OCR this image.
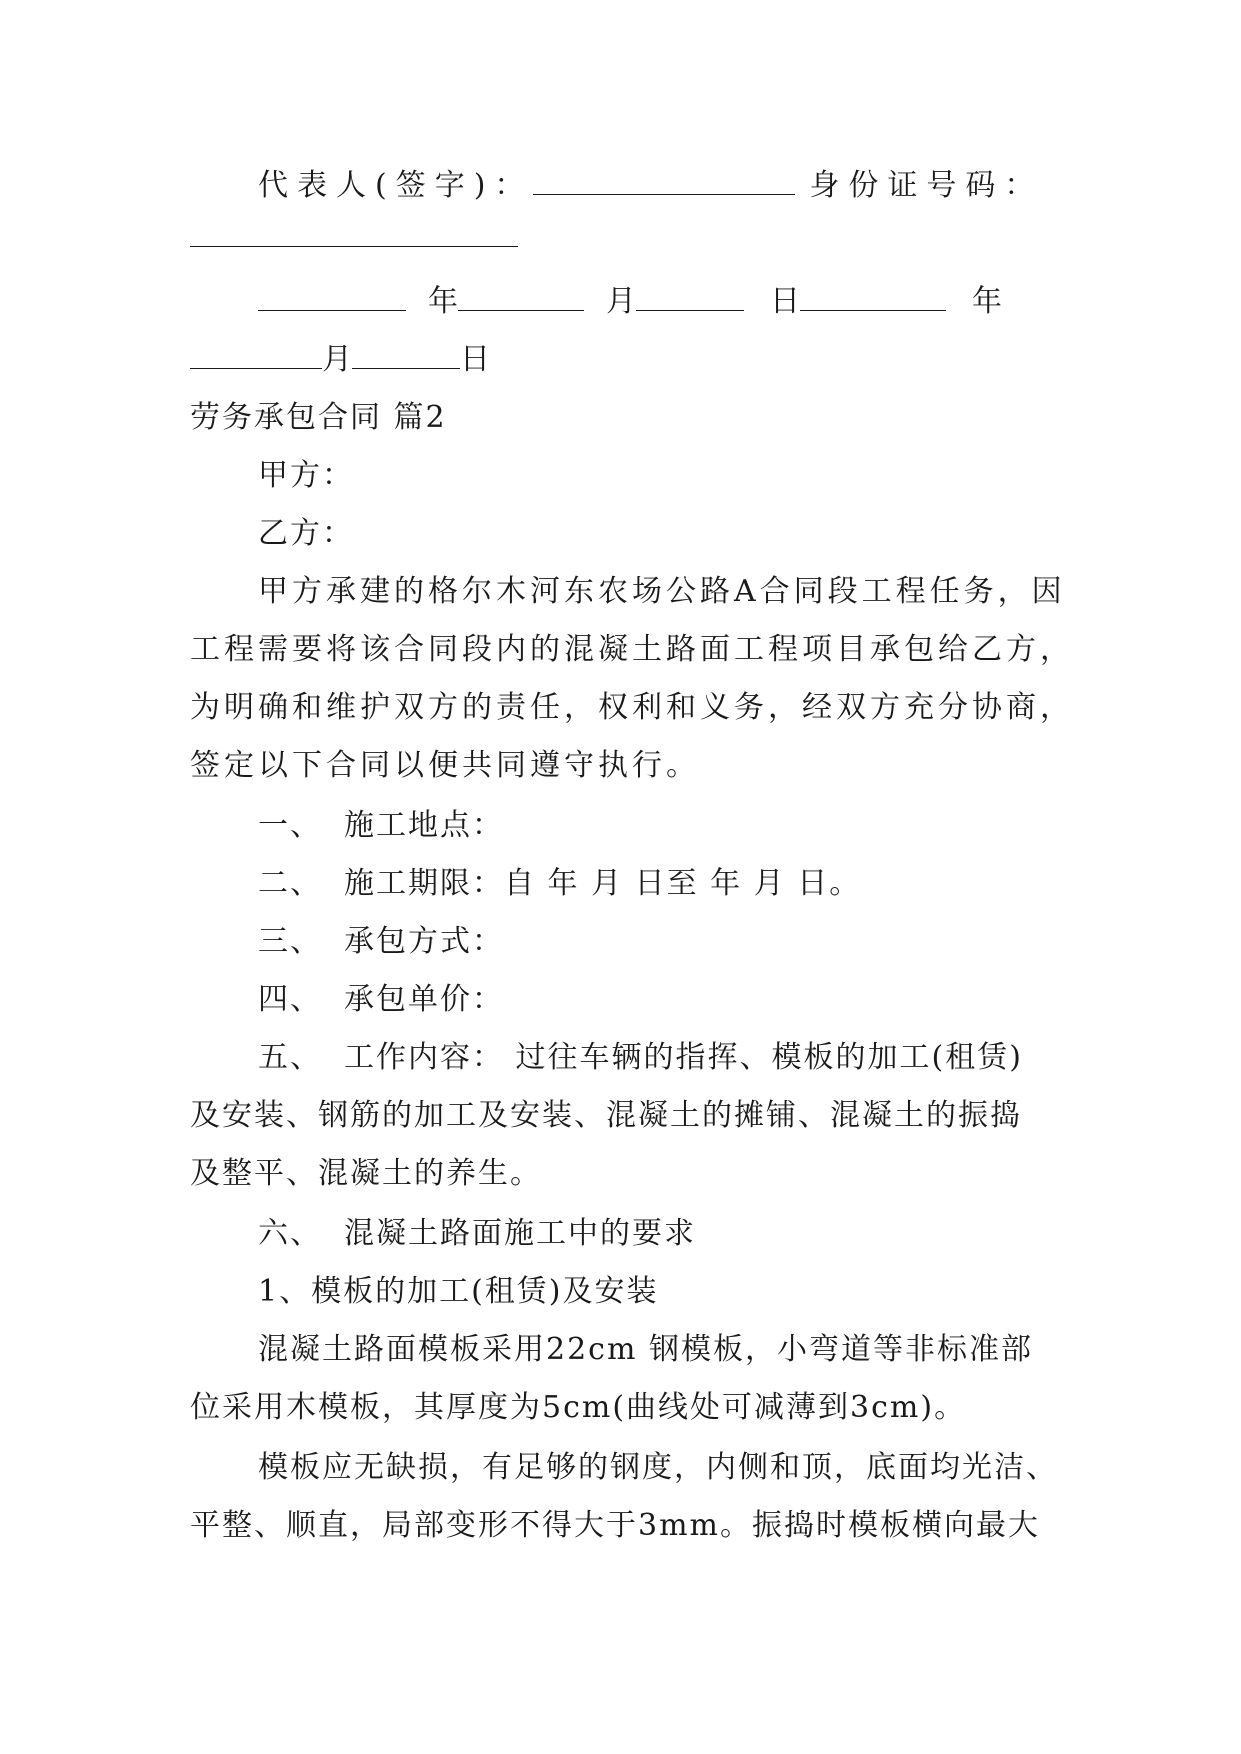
代表人(签字)：	身份证号码：
年	月	日	年
月	日
劳务承包合同 篇2
甲方：
乙方：
甲方承建的格尔木河东农场公路A合同段工程任务，因
工程需要将该合同段内的混凝土路面工程项目承包给乙方，
为明确和维护双方的责任，权利和义务，经双方充分协商，
签定以下合同以便共同遵守执行。
一、 施工地点：
二、 施工期限：自 年 月 日至 年 月 日。
三、 承包方式：
四、 承包单价：
五、 工作内容： 过往车辆的指挥、模板的加工(租赁)
及安装、钢筋的加工及安装、混凝土的摊铺、混凝土的振捣
及整平、混凝土的养生。
六、 混凝土路面施工中的要求
1、模板的加工(租赁)及安装
混凝土路面模板采用22cm 钢模板，小弯道等非标准部
位采用木模板，其厚度为5cm(曲线处可减薄到3cm)。
模板应无缺损，有足够的钢度，内侧和顶，底面均光洁、
平整、顺直，局部变形不得大于3mm。振捣时模板横向最大
